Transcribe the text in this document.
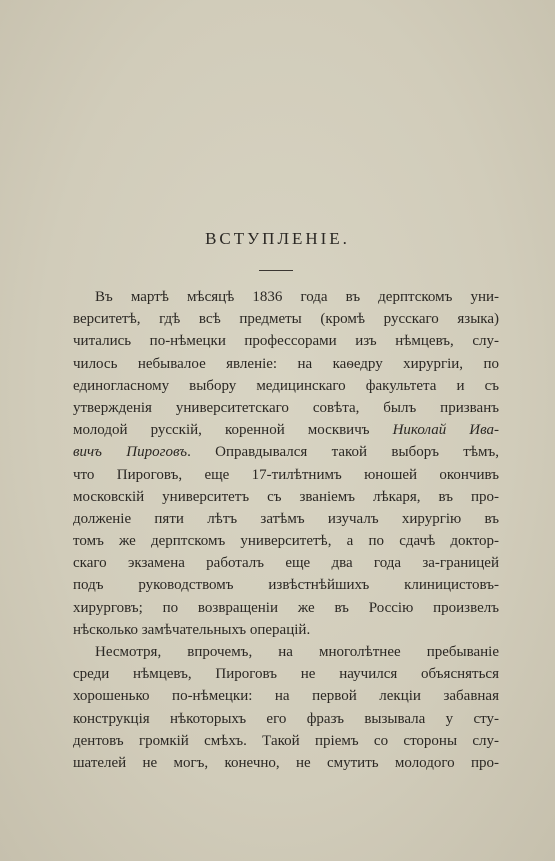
ВСТУПЛЕНІЕ.
Въ мартѣ мѣсяцѣ 1836 года въ дерптскомъ уни-
верситетѣ, гдѣ всѣ предметы (кромѣ русскаго языка)
читались по-нѣмецки профессорами изъ нѣмцевъ, слу-
чилось небывалое явленіе: на каѳедру хирургіи, по
единогласному выбору медицинскаго факультета и съ
утвержденія университетскаго совѣта, былъ призванъ
молодой русскій, коренной москвичъ Николай Ива-
вичъ Пироговъ. Оправдывался такой выборъ тѣмъ,
что Пироговъ, еще 17-тилѣтнимъ юношей окончивъ
московскій университетъ съ званіемъ лѣкаря, въ про-
долженіе пяти лѣтъ затѣмъ изучалъ хирургію въ
томъ же дерптскомъ университетѣ, а по сдачѣ доктор-
скаго экзамена работалъ еще два года за-границей
подъ руководствомъ извѣстнѣйшихъ клиницистовъ-
хирурговъ; по возвращеніи же въ Россію произвелъ
нѣсколько замѣчательныхъ операцій.
Несмотря, впрочемъ, на многолѣтнее пребываніе
среди нѣмцевъ, Пироговъ не научился объясняться
хорошенько по-нѣмецки: на первой лекціи забавная
конструкція нѣкоторыхъ его фразъ вызывала у сту-
дентовъ громкій смѣхъ. Такой пріемъ со стороны слу-
шателей не могъ, конечно, не смутить молодого про-
